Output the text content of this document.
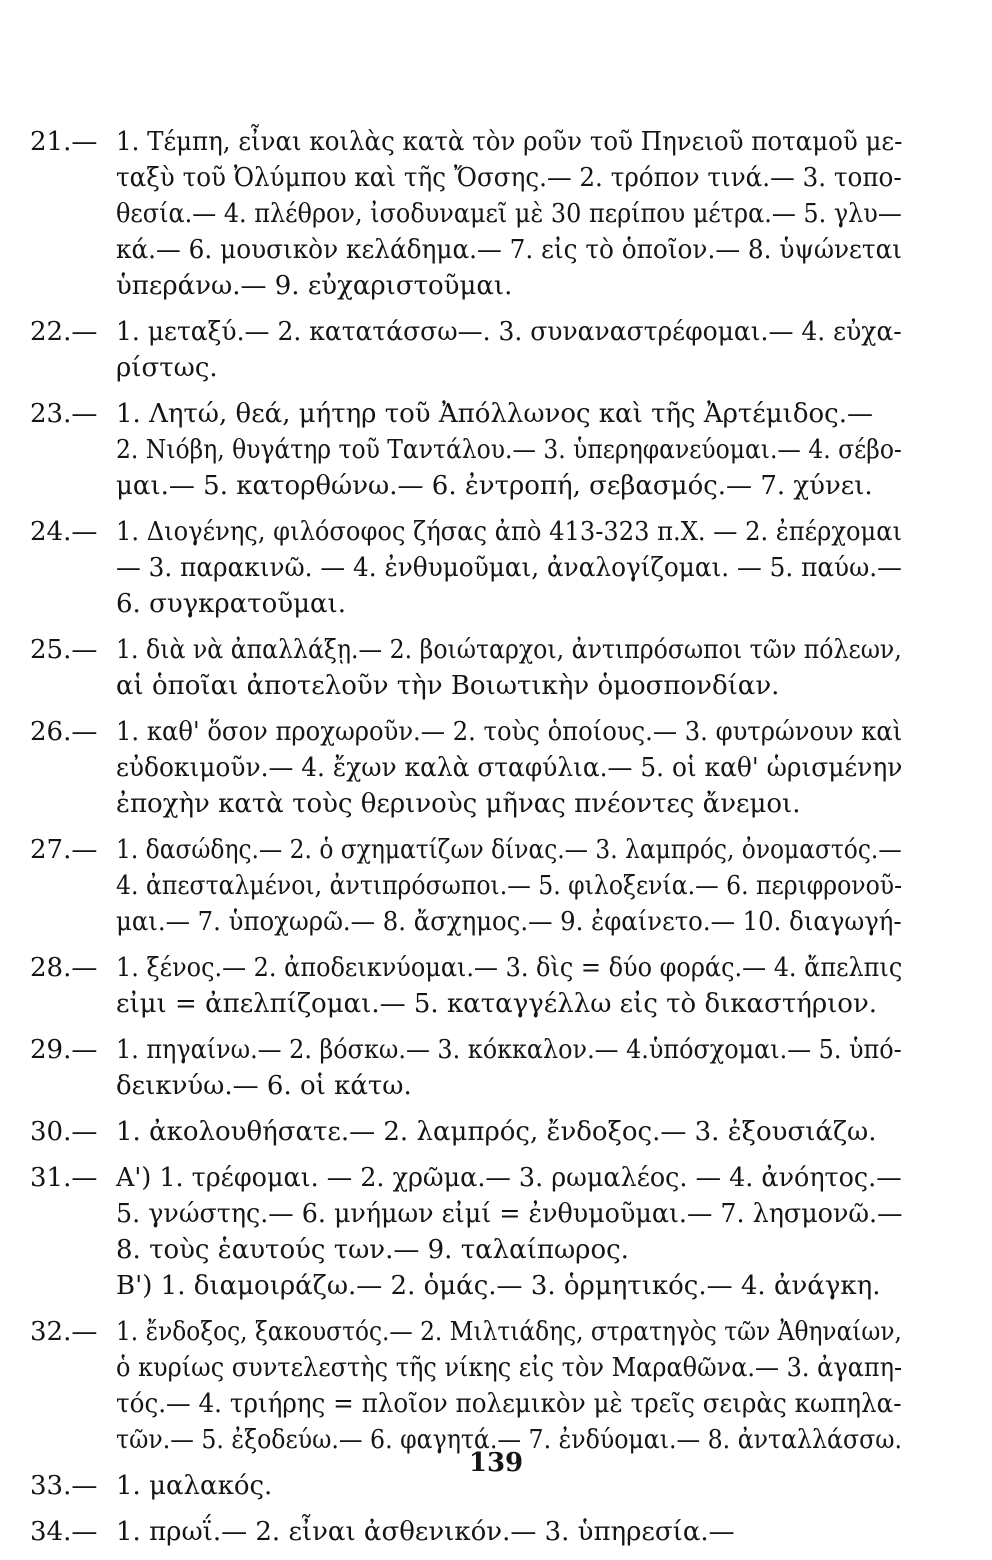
21.— 1. Τέμπη, εἶναι κοιλὰς κατὰ τὸν ροῦν τοῦ Πηνειοῦ ποταμοῦ με-
ταξὺ τοῦ Ὀλύμπου καὶ τῆς Ὄσσης.— 2. τρόπον τινά.— 3. τοπο-
θεσία.— 4. πλέθρον, ἰσοδυναμεῖ μὲ 30 περίπου μέτρα.— 5. γλυ—
κά.— 6. μουσικὸν κελάδημα.— 7. εἰς τὸ ὁποῖον.— 8. ὑψώνεται
ὑπεράνω.— 9. εὐχαριστοῦμαι.
22.— 1. μεταξύ.— 2. κατατάσσω—. 3. συναναστρέφομαι.— 4. εὐχα-
ρίστως.
23.— 1. Λητώ, θεά, μήτηρ τοῦ Ἀπόλλωνος καὶ τῆς Ἀρτέμιδος.—
2. Νιόβη, θυγάτηρ τοῦ Ταντάλου.— 3. ὑπερηφανεύομαι.— 4. σέβο-
μαι.— 5. κατορθώνω.— 6. ἐντροπή, σεβασμός.— 7. χύνει.
24.— 1. Διογένης, φιλόσοφος ζήσας ἀπὸ 413-323 π.Χ. — 2. ἐπέρχομαι
— 3. παρακινῶ. — 4. ἐνθυμοῦμαι, ἀναλογίζομαι. — 5. παύω.—
6. συγκρατοῦμαι.
25.— 1. διὰ νὰ ἀπαλλάξῃ.— 2. βοιώταρχοι, ἀντιπρόσωποι τῶν πόλεων,
αἱ ὁποῖαι ἀποτελοῦν τὴν Βοιωτικὴν ὁμοσπονδίαν.
26.— 1. καθ' ὅσον προχωροῦν.— 2. τοὺς ὁποίους.— 3. φυτρώνουν καὶ
εὐδοκιμοῦν.— 4. ἔχων καλὰ σταφύλια.— 5. οἱ καθ' ὡρισμένην
ἐποχὴν κατὰ τοὺς θερινοὺς μῆνας πνέοντες ἄνεμοι.
27.— 1. δασώδης.— 2. ὁ σχηματίζων δίνας.— 3. λαμπρός, ὀνομαστός.—
4. ἀπεσταλμένοι, ἀντιπρόσωποι.— 5. φιλοξενία.— 6. περιφρονοῦ-
μαι.— 7. ὑποχωρῶ.— 8. ἄσχημος.— 9. ἐφαίνετο.— 10. διαγωγή-
28.— 1. ξένος.— 2. ἀποδεικνύομαι.— 3. δὶς = δύο φοράς.— 4. ἄπελπις
εἰμι = ἀπελπίζομαι.— 5. καταγγέλλω εἰς τὸ δικαστήριον.
29.— 1. πηγαίνω.— 2. βόσκω.— 3. κόκκαλον.— 4.ὑπόσχομαι.— 5. ὑπό-
δεικνύω.— 6. οἱ κάτω.
30.— 1. ἀκολουθήσατε.— 2. λαμπρός, ἔνδοξος.— 3. ἐξουσιάζω.
31.— Α') 1. τρέφομαι. — 2. χρῶμα.— 3. ρωμαλέος. — 4. ἀνόητος.—
5. γνώστης.— 6. μνήμων εἰμί = ἐνθυμοῦμαι.— 7. λησμονῶ.—
8. τοὺς ἑαυτούς των.— 9. ταλαίπωρος.
Β') 1. διαμοιράζω.— 2. ὁμάς.— 3. ὁρμητικός.— 4. ἀνάγκη.
32.— 1. ἔνδοξος, ξακουστός.— 2. Μιλτιάδης, στρατηγὸς τῶν Ἀθηναίων,
ὁ κυρίως συντελεστὴς τῆς νίκης εἰς τὸν Μαραθῶνα.— 3. ἀγαπη-
τός.— 4. τριήρης = πλοῖον πολεμικὸν μὲ τρεῖς σειρὰς κωπηλα-
τῶν.— 5. ἐξοδεύω.— 6. φαγητά.— 7. ἐνδύομαι.— 8. ἀνταλλάσσω.
33.— 1. μαλακός.
34.— 1. πρωΐ.— 2. εἶναι ἀσθενικόν.— 3. ὑπηρεσία.—
139
